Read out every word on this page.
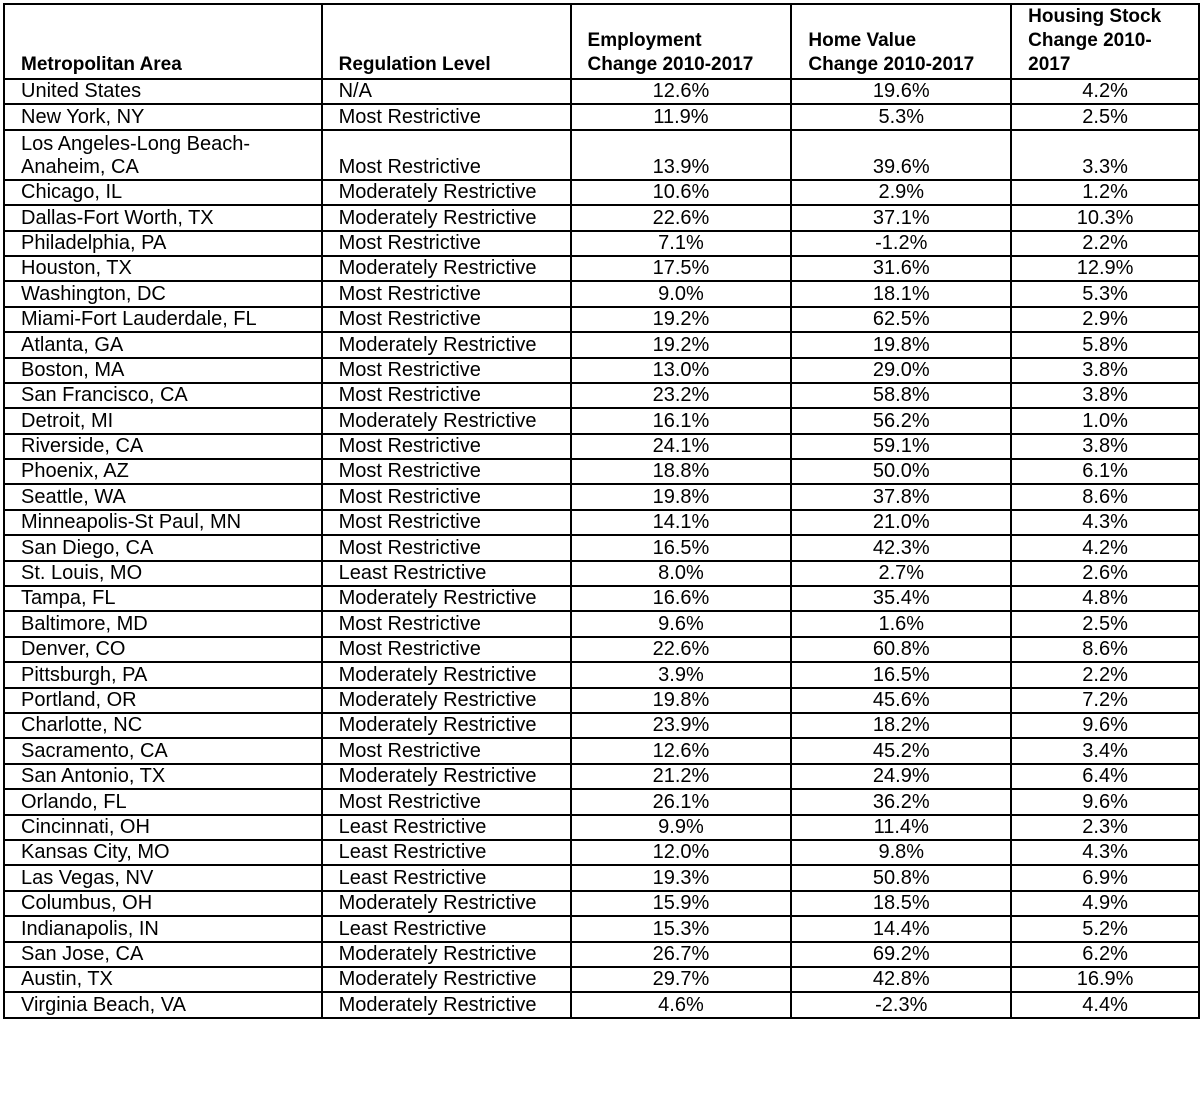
Metropolitan Area	Regulation Level	Employment Change 2010-2017	Home Value Change 2010-2017	Housing Stock Change 2010-2017
United States	N/A	12.6%	19.6%	4.2%
New York, NY	Most Restrictive	11.9%	5.3%	2.5%
Los Angeles-Long Beach-Anaheim, CA	Most Restrictive	13.9%	39.6%	3.3%
Chicago, IL	Moderately Restrictive	10.6%	2.9%	1.2%
Dallas-Fort Worth, TX	Moderately Restrictive	22.6%	37.1%	10.3%
Philadelphia, PA	Most Restrictive	7.1%	-1.2%	2.2%
Houston, TX	Moderately Restrictive	17.5%	31.6%	12.9%
Washington, DC	Most Restrictive	9.0%	18.1%	5.3%
Miami-Fort Lauderdale, FL	Most Restrictive	19.2%	62.5%	2.9%
Atlanta, GA	Moderately Restrictive	19.2%	19.8%	5.8%
Boston, MA	Most Restrictive	13.0%	29.0%	3.8%
San Francisco, CA	Most Restrictive	23.2%	58.8%	3.8%
Detroit, MI	Moderately Restrictive	16.1%	56.2%	1.0%
Riverside, CA	Most Restrictive	24.1%	59.1%	3.8%
Phoenix, AZ	Most Restrictive	18.8%	50.0%	6.1%
Seattle, WA	Most Restrictive	19.8%	37.8%	8.6%
Minneapolis-St Paul, MN	Most Restrictive	14.1%	21.0%	4.3%
San Diego, CA	Most Restrictive	16.5%	42.3%	4.2%
St. Louis, MO	Least Restrictive	8.0%	2.7%	2.6%
Tampa, FL	Moderately Restrictive	16.6%	35.4%	4.8%
Baltimore, MD	Most Restrictive	9.6%	1.6%	2.5%
Denver, CO	Most Restrictive	22.6%	60.8%	8.6%
Pittsburgh, PA	Moderately Restrictive	3.9%	16.5%	2.2%
Portland, OR	Moderately Restrictive	19.8%	45.6%	7.2%
Charlotte, NC	Moderately Restrictive	23.9%	18.2%	9.6%
Sacramento, CA	Most Restrictive	12.6%	45.2%	3.4%
San Antonio, TX	Moderately Restrictive	21.2%	24.9%	6.4%
Orlando, FL	Most Restrictive	26.1%	36.2%	9.6%
Cincinnati, OH	Least Restrictive	9.9%	11.4%	2.3%
Kansas City, MO	Least Restrictive	12.0%	9.8%	4.3%
Las Vegas, NV	Least Restrictive	19.3%	50.8%	6.9%
Columbus, OH	Moderately Restrictive	15.9%	18.5%	4.9%
Indianapolis, IN	Least Restrictive	15.3%	14.4%	5.2%
San Jose, CA	Moderately Restrictive	26.7%	69.2%	6.2%
Austin, TX	Moderately Restrictive	29.7%	42.8%	16.9%
Virginia Beach, VA	Moderately Restrictive	4.6%	-2.3%	4.4%
